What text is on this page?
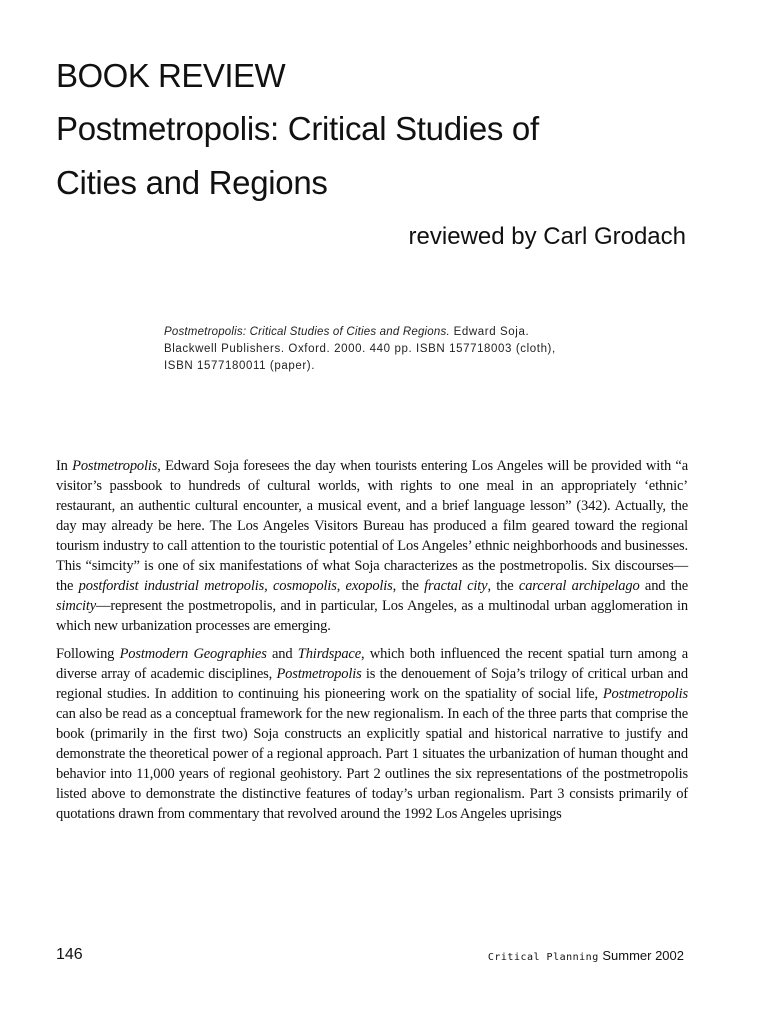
BOOK REVIEW
Postmetropolis: Critical Studies of
Cities and Regions
reviewed by Carl Grodach
Postmetropolis: Critical Studies of Cities and Regions. Edward Soja.
Blackwell Publishers. Oxford. 2000. 440 pp. ISBN 157718003 (cloth),
ISBN 1577180011 (paper).

In Postmetropolis, Edward Soja foresees the day when tourists entering Los Angeles will be provided with “a visitor’s passbook to hundreds of cultural worlds, with rights to one meal in an appropriately ‘ethnic’ restaurant, an authentic cultural encounter, a musical event, and a brief language lesson” (342). Actually, the day may already be here. The Los Angeles Visitors Bureau has produced a film geared toward the regional tourism industry to call attention to the touristic potential of Los Angeles’ ethnic neighborhoods and businesses. This “simcity” is one of six manifestations of what Soja characterizes as the postmetropolis. Six discourses—the postfordist industrial metropolis, cosmopolis, exopolis, the fractal city, the carceral archipelago and the simcity—represent the postmetropolis, and in particular, Los Angeles, as a multinodal urban agglomeration in which new urbanization processes are emerging.

Following Postmodern Geographies and Thirdspace, which both influenced the recent spatial turn among a diverse array of academic disciplines, Postmetropolis is the denouement of Soja’s trilogy of critical urban and regional studies. In addition to continuing his pioneering work on the spatiality of social life, Postmetropolis can also be read as a conceptual framework for the new regionalism. In each of the three parts that comprise the book (primarily in the first two) Soja constructs an explicitly spatial and historical narrative to justify and demonstrate the theoretical power of a regional approach. Part 1 situates the urbanization of human thought and behavior into 11,000 years of regional geohistory. Part 2 outlines the six representations of the postmetropolis listed above to demonstrate the distinctive features of today’s urban regionalism. Part 3 consists primarily of quotations drawn from commentary that revolved around the 1992 Los Angeles uprisings

146	Critical Planning Summer 2002
